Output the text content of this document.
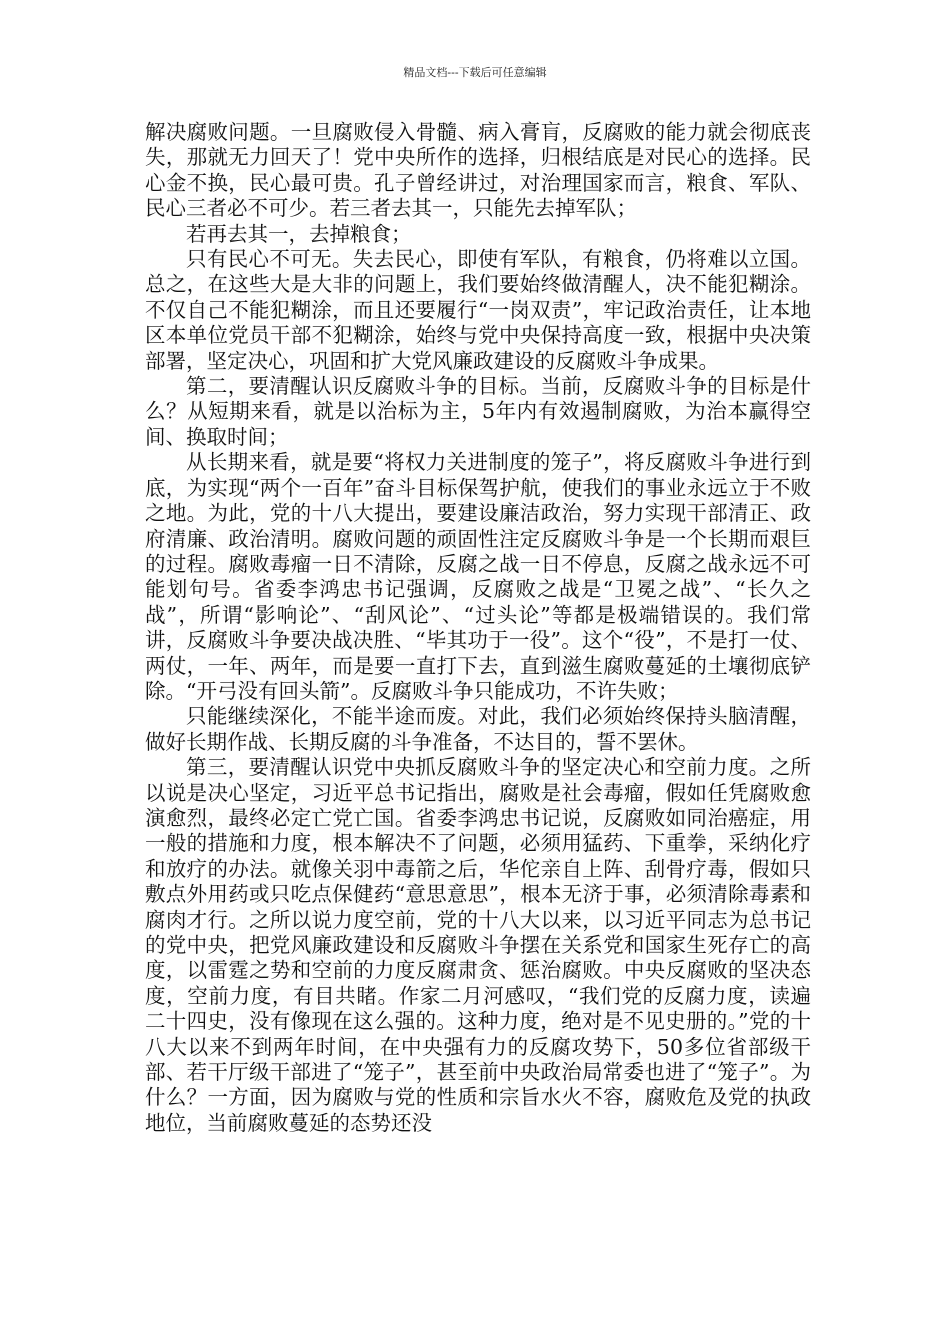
精品文档---下载后可任意编辑

解决腐败问题。一旦腐败侵入骨髓、病入膏肓，反腐败的能力就会彻底丧失，那就无力回天了！党中央所作的选择，归根结底是对民心的选择。民心金不换，民心最可贵。孔子曾经讲过，对治理国家而言，粮食、军队、民心三者必不可少。若三者去其一，只能先去掉军队；

若再去其一，去掉粮食；

只有民心不可无。失去民心，即使有军队，有粮食，仍将难以立国。总之，在这些大是大非的问题上，我们要始终做清醒人，决不能犯糊涂。不仅自己不能犯糊涂，而且还要履行“一岗双责”，牢记政治责任，让本地区本单位党员干部不犯糊涂，始终与党中央保持高度一致，根据中央决策部署，坚定决心，巩固和扩大党风廉政建设的反腐败斗争成果。

第二，要清醒认识反腐败斗争的目标。当前，反腐败斗争的目标是什么？从短期来看，就是以治标为主，5年内有效遏制腐败，为治本赢得空间、换取时间；

从长期来看，就是要“将权力关进制度的笼子”，将反腐败斗争进行到底，为实现“两个一百年”奋斗目标保驾护航，使我们的事业永远立于不败之地。为此，党的十八大提出，要建设廉洁政治，努力实现干部清正、政府清廉、政治清明。腐败问题的顽固性注定反腐败斗争是一个长期而艰巨的过程。腐败毒瘤一日不清除，反腐之战一日不停息，反腐之战永远不可能划句号。省委李鸿忠书记强调，反腐败之战是“卫冕之战”、“长久之战”，所谓“影响论”、“刮风论”、“过头论”等都是极端错误的。我们常讲，反腐败斗争要决战决胜、“毕其功于一役”。这个“役”，不是打一仗、两仗，一年、两年，而是要一直打下去，直到滋生腐败蔓延的土壤彻底铲除。“开弓没有回头箭”。反腐败斗争只能成功，不许失败；

只能继续深化，不能半途而废。对此，我们必须始终保持头脑清醒，做好长期作战、长期反腐的斗争准备，不达目的，誓不罢休。

第三，要清醒认识党中央抓反腐败斗争的坚定决心和空前力度。之所以说是决心坚定，习近平总书记指出，腐败是社会毒瘤，假如任凭腐败愈演愈烈，最终必定亡党亡国。省委李鸿忠书记说，反腐败如同治癌症，用一般的措施和力度，根本解决不了问题，必须用猛药、下重拳，采纳化疗和放疗的办法。就像关羽中毒箭之后，华佗亲自上阵、刮骨疗毒，假如只敷点外用药或只吃点保健药“意思意思”，根本无济于事，必须清除毒素和腐肉才行。之所以说力度空前，党的十八大以来，以习近平同志为总书记的党中央，把党风廉政建设和反腐败斗争摆在关系党和国家生死存亡的高度，以雷霆之势和空前的力度反腐肃贪、惩治腐败。中央反腐败的坚决态度，空前力度，有目共睹。作家二月河感叹，“我们党的反腐力度，读遍二十四史，没有像现在这么强的。这种力度，绝对是不见史册的。”党的十八大以来不到两年时间，在中央强有力的反腐攻势下，50多位省部级干部、若干厅级干部进了“笼子”，甚至前中央政治局常委也进了“笼子”。为什么？一方面，因为腐败与党的性质和宗旨水火不容，腐败危及党的执政地位，当前腐败蔓延的态势还没
